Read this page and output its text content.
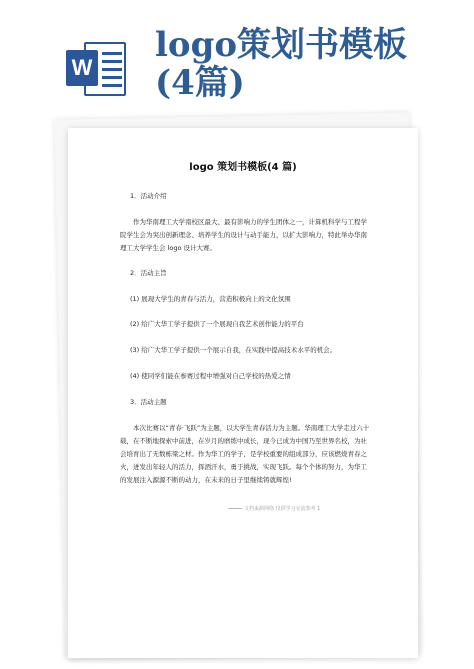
W
logo策划书模板(4篇)
logo 策划书模板(4 篇)
1．活动介绍
作为华南理工大学南校区最大、最有影响力的学生团体之一，计算机科学与工程学院学生会为突出创新理念、培养学生的设计与动手能力，以扩大影响力，特此举办华南理工大学学生会 logo 设计大赛。
2．活动主旨
(1) 展现大学生的青春与活力，营造积极向上的文化氛围
(2) 给广大华工学子提供了一个展现自我艺术创作能力的平台
(3) 给广大华工学子提供一个展示自我，在实践中提高技术水平的机会。
(4) 使同学们能在参赛过程中增强对自己学校的热爱之情
3．活动主题
本次比赛以“青春·飞跃”为主题，以大学生青春活力为主题。华南理工大学走过六十载，在不断地探索中前进，在岁月的磨练中成长，现今已成为中国乃至世界名校，为社会培育出了无数栋梁之材。作为华工的学子，是学校重要的组成部分，应该燃烧青春之火，迸发出年轻人的活力，挥洒汗水，勇于挑战，实现飞跃。每个个体的努力，为华工的发展注入源源不断的动力，在未来的日子里继续铸就辉煌!
文档来源网络 仅供学习交流参考 1
